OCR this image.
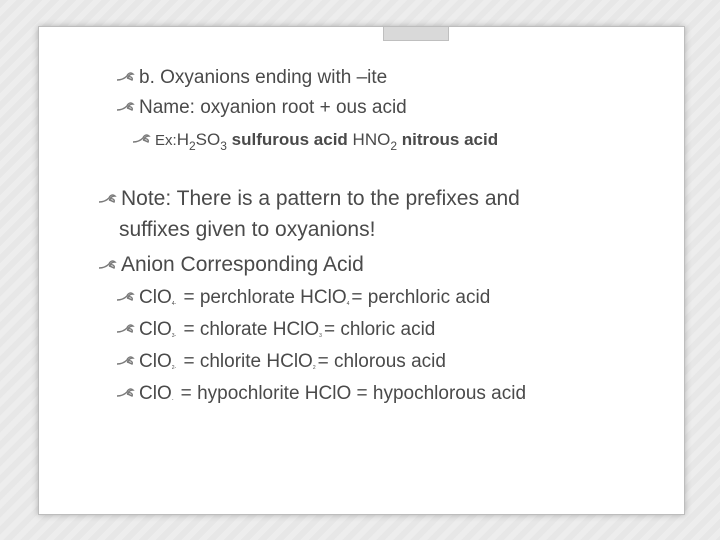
b. Oxyanions ending with –ite
Name: oxyanion root + ous acid
Ex: H 2 SO 3 sulfurous acid HNO 2 nitrous acid
Note: There is a pattern to the prefixes and
suffixes given to oxyanions!
Anion Corresponding Acid
ClO 4- = perchlorate HClO 4 = perchloric acid
ClO 3- = chlorate HClO 3 = chloric acid
ClO 2- = chlorite HClO 2 = chlorous acid
ClO - = hypochlorite HClO = hypochlorous acid
